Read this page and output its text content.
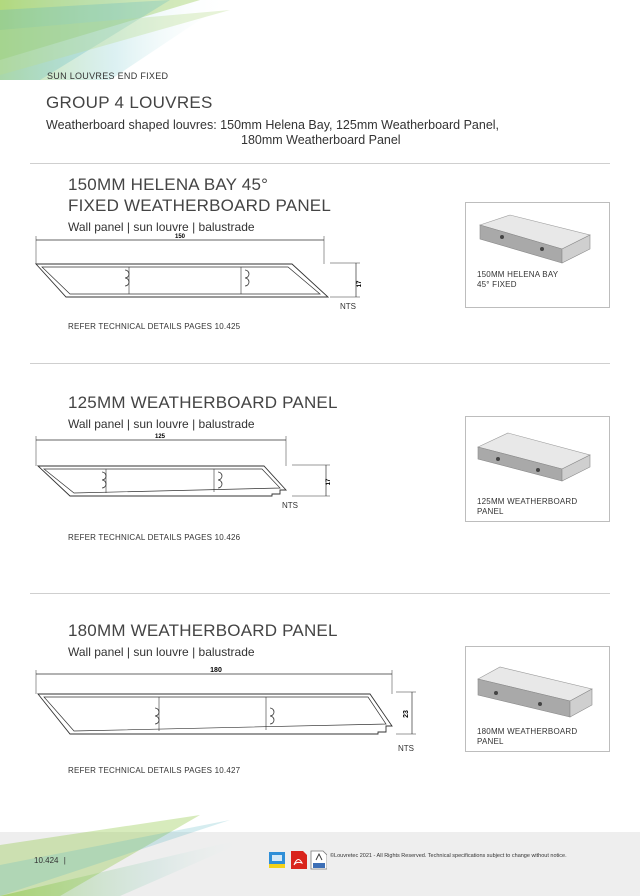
SUN LOUVRES END FIXED
GROUP 4 LOUVRES
Weatherboard shaped louvres: 150mm Helena Bay, 125mm Weatherboard Panel,
180mm Weatherboard Panel
150MM HELENA BAY 45°
FIXED WEATHERBOARD PANEL
Wall panel | sun louvre | balustrade
150
17
NTS
REFER TECHNICAL DETAILS PAGES 10.425
150MM HELENA BAY
45° FIXED
125MM WEATHERBOARD PANEL
Wall panel | sun louvre | balustrade
125
17
NTS
REFER TECHNICAL DETAILS PAGES 10.426
125MM WEATHERBOARD
PANEL
180MM WEATHERBOARD PANEL
Wall panel | sun louvre | balustrade
180
23
NTS
REFER TECHNICAL DETAILS PAGES 10.427
180MM WEATHERBOARD
PANEL
10.424 |	©Louvretec 2021 - All Rights Reserved. Technical specifications subject to change without notice.
